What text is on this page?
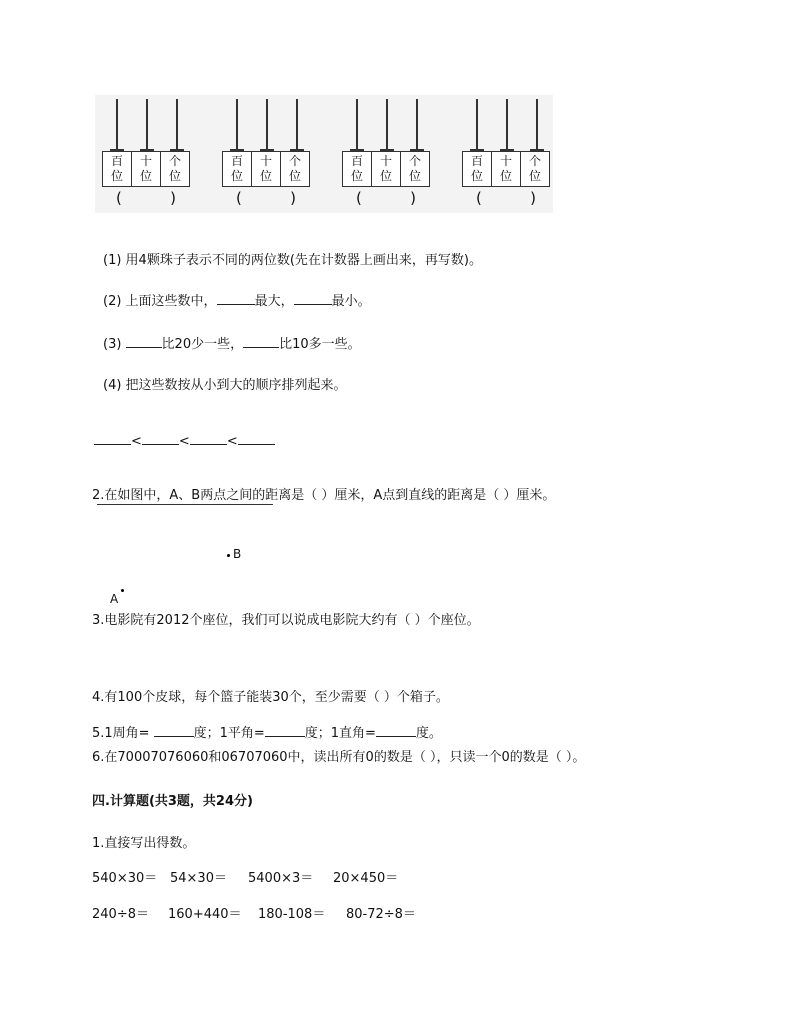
百
位
十
位
个
位
(	)
百
位
十
位
个
位
(	)
百
位
十
位
个
位
(	)
百
位
十
位
个
位
(	)
(1) 用4颗珠子表示不同的两位数(先在计数器上画出来，再写数)。
(2) 上面这些数中，	最大，	最小。
(3)	比20少一些，	比10多一些。
(4) 把这些数按从小到大的顺序排列起来。
<	<	<
2.在如图中，A、B两点之间的距离是（ ）厘米，A点到直线的距离是（ ）厘米。
B
A
3.电影院有2012个座位，我们可以说成电影院大约有（ ）个座位。
4.有100个皮球，每个篮子能装30个，至少需要（ ）个箱子。
5.1周角=	度；1平角=	度；1直角=	度。
6.在70007076060和06707060中，读出所有0的数是（ ），只读一个0的数是（ ）。
四.计算题(共3题，共24分)
1.直接写出得数。
540×30＝ 54×30＝ 5400×3＝ 20×450＝
240÷8＝ 160+440＝ 180-108＝ 80-72÷8＝
